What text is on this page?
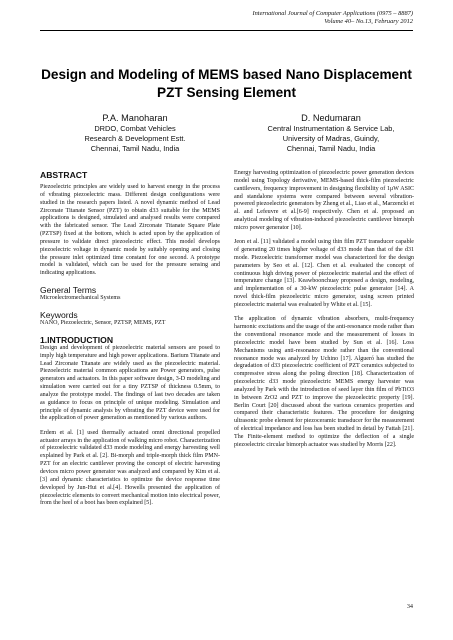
International Journal of Computer Applications (0975 – 8887)
Volume 40– No.13, February 2012
Design and Modeling of MEMS based Nano Displacement
PZT Sensing Element
P.A. Manoharan
DRDO, Combat Vehicles
Research & Development Estt.
Chennai, Tamil Nadu, India
D. Nedumaran
Central Instrumentation & Service Lab,
University of Madras, Guindy,
Chennai, Tamil Nadu, India

ABSTRACT

Piezoelectric principles are widely used to harvest energy in the process of vibrating piezoelectric mass. Different design configurations were studied in the research papers listed. A novel dynamic method of Lead Zirconate Titanate Sensor (PZT) to obtain d33 suitable for the MEMS applications is designed, simulated and analysed results were compared with the fabricated sensor. The Lead Zirconate Titanate Square Plate (PZTSP) fixed at the bottom, which is acted upon by the application of pressure to validate direct piezoelectric effect. This model develops piezoelectric voltage in dynamic mode by suitably opening and closing the pressure inlet optimized time constant for one second. A prototype model is validated, which can be used for the pressure sensing and indicating applications.

General Terms

Microelectromechanical Systems

Keywords

NANO, Piezoelectric, Sensor, PZTSP, MEMS, PZT

1.INTRODUCTION

Design and development of piezoelectric material sensors are posed to imply high temperature and high power applications. Barium Titanate and Lead Zirconate Titanate are widely used as the piezoelectric material. Piezoelectric material common applications are Power generators, pulse generators and actuators. In this paper software design, 3-D modeling and simulation were carried out for a tiny PZTSP of thickness 0.5mm, to analyze the prototype model. The findings of last two decades are taken as guidance to focus on principle of unique modeling. Simulation and principle of dynamic analysis by vibrating the PZT device were used for the application of power generation as mentioned by various authors.

Erdem et al. [1] used thermally actuated omni directional propelled actuator arrays in the application of walking micro robot. Characterization of piezoelectric validated d33 mode modeling and energy harvesting well explained by Park et al. [2]. Bi-morph and triple-morph thick film PMN-PZT for an electric cantilever proving the concept of electric harvesting devices micro power generator was analyzed and compared by Kim et al.[3] and dynamic characteristics to optimize the device response time developed by Jun-Hui et al.[4]. Howells presented the application of piezoelectric elements to convert mechanical motion into electrical power, from the heel of a boot has been explained [5].

Energy harvesting optimization of piezoelectric power generation devices model using Topology derivative, MEMS-based thick-film piezoelectric cantilevers, frequency improvement in designing flexibility of 1μW ASIC and standalone systems were compared between several vibration-powered piezoelectric generators by Zheng et al., Liao et al., Marzencki et al. and Lefeuvre et al.[6-9] respectively. Chen et al. proposed an analytical modeling of vibration-induced piezoelectric cantilever bimorph micro power generator [10].

Jeon et al. [11] validated a model using thin film PZT transducer capable of generating 20 times higher voltage of d33 mode than that of the d31 mode. Piezoelectric transformer model was characterized for the design parameters by Seo et al. [12]. Chen et al. evaluated the concept of continuous high driving power of piezoelectric material and the effect of temperature change [13]. Keawboonchuay proposed a design, modeling, and implementation of a 30-kW piezoelectric pulse generator [14]. A novel thick-film piezoelectric micro generator, using screen printed piezoelectric material was evaluated by White et al. [15].

The application of dynamic vibration absorbers, multi-frequency harmonic excitations and the usage of the anti-resonance mode rather than the conventional resonance mode and the measurement of losses in piezoelectric model have been studied by Sun et al. [16]. Loss Mechanisms using anti-resonance mode rather than the conventional resonance mode was analyzed by Uchino [17]. Algueró has studied the degradation of d33 piezoelectric coefficient of PZT ceramics subjected to compressive stress along the poling direction [18]. Characterization of piezoelectric d33 mode piezoelectric MEMS energy harvester was analyzed by Park with the introduction of seed layer thin film of PbTiO3 in between ZrO2 and PZT to improve the piezoelectric property [19]. Berlin Court [20] discussed about the various ceramics properties and compared their characteristic features. The procedure for designing ultrasonic probe element for piezoceramic transducer for the measurement of electrical impedance and loss has been studied in detail by Fattah [21]. The Finite-element method to optimize the deflection of a single piezoelectric circular bimorph actuator was studied by Morris [22].

34
